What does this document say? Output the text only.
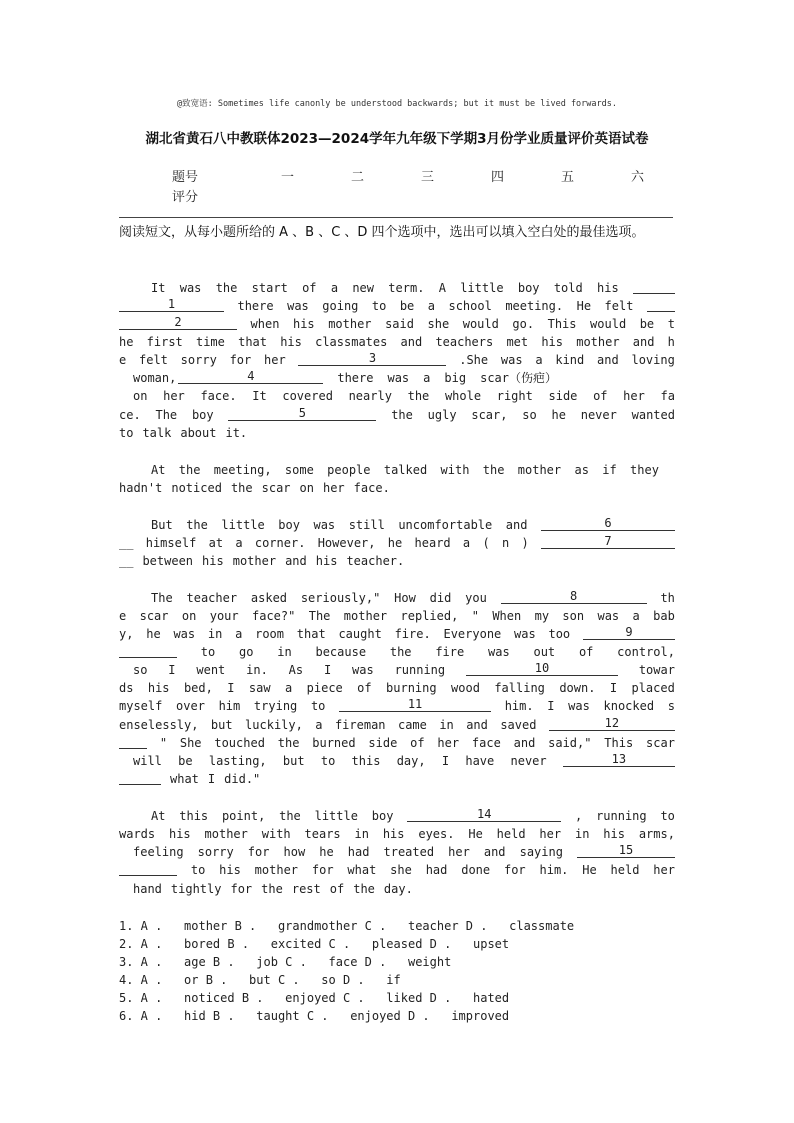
@致宽语: Sometimes life canonly be understood backwards; but it must be lived forwards.
湖北省黄石八中教联体2023—2024学年九年级下学期3月份学业质量评价英语试卷
题号	一	二	三	四	五	六
评分
阅读短文，从每小题所给的 A 、B 、C 、D 四个选项中，选出可以填入空白处的最佳选项。
It was the start of a new term. A little boy told his
1	there was going to be a school meeting. He felt
2	when his mother said she would go. This would be t
he first time that his classmates and teachers met his mother and h
e felt sorry for her	3	.She was a kind and loving
woman,	4	there was a big scar（伤疤）
on her face. It covered nearly the whole right side of her fa
ce. The boy	5	the ugly scar, so he never wanted
to talk about it.
At the meeting, some people talked with the mother as if they
hadn't noticed the scar on her face.
But the little boy was still uncomfortable and	6
__ himself at a corner. However, he heard a ( n )	7
__ between his mother and his teacher.
The teacher asked seriously," How did you	8	th
e scar on your face?" The mother replied, " When my son was a bab
y, he was in a room that caught fire. Everyone was too	9
to go in because the fire was out of control,
so I went in. As I was running	10	towar
ds his bed, I saw a piece of burning wood falling down. I placed
myself over him trying to	11	him. I was knocked s
enselessly, but luckily, a fireman came in and saved	12
" She touched the burned side of her face and said," This scar
will be lasting, but to this day, I have never	13
what I did."
At this point, the little boy	14	, running to
wards his mother with tears in his eyes. He held her in his arms,
feeling sorry for how he had treated her and saying	15
to his mother for what she had done for him. He held her
hand tightly for the rest of the day.
1. A .   mother B .   grandmother C .   teacher D .   classmate
2. A .   bored B .   excited C .   pleased D .   upset
3. A .   age B .   job C .   face D .   weight
4. A .   or B .   but C .   so D .   if
5. A .   noticed B .   enjoyed C .   liked D .   hated
6. A .   hid B .   taught C .   enjoyed D .   improved
